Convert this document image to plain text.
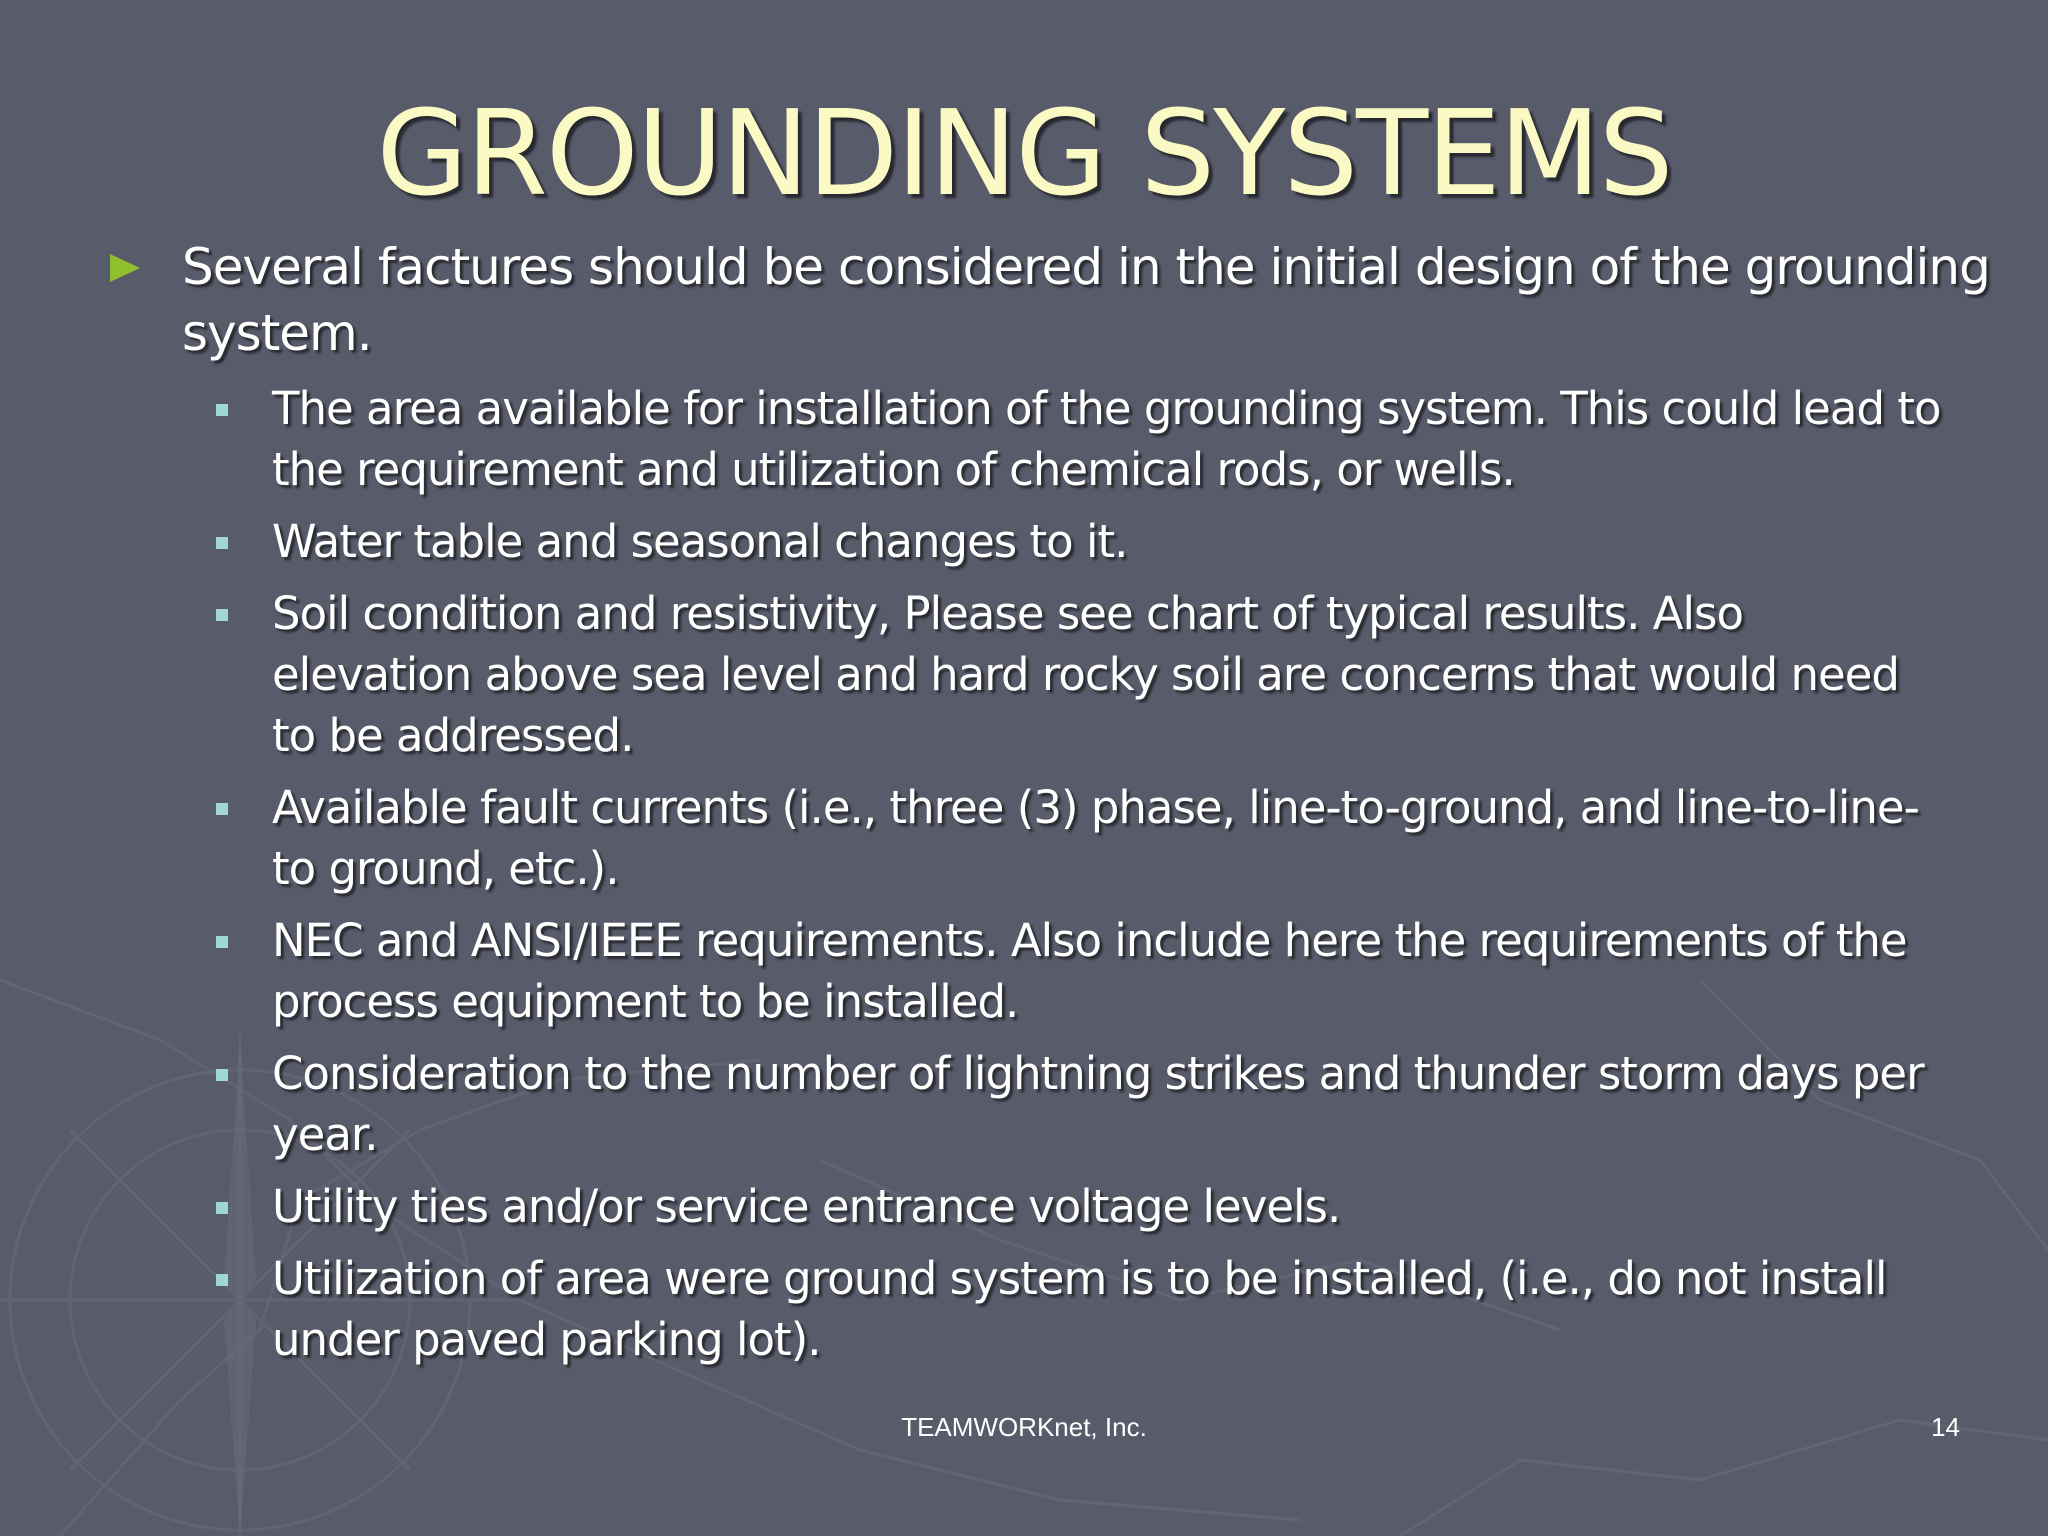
GROUNDING SYSTEMS
Several factures should be considered in the initial design of the grounding system.
The area available for installation of the grounding system. This could lead to the requirement and utilization of chemical rods, or wells.
Water table and seasonal changes to it.
Soil condition and resistivity, Please see chart of typical results. Also elevation above sea level and hard rocky soil are concerns that would need to be addressed.
Available fault currents (i.e., three (3) phase, line-to-ground, and line-to-line-to ground, etc.).
NEC and ANSI/IEEE requirements. Also include here the requirements of the process equipment to be installed.
Consideration to the number of lightning strikes and thunder storm days per year.
Utility ties and/or service entrance voltage levels.
Utilization of area were ground system is to be installed, (i.e., do not install under paved parking lot).
TEAMWORKnet, Inc.	14
